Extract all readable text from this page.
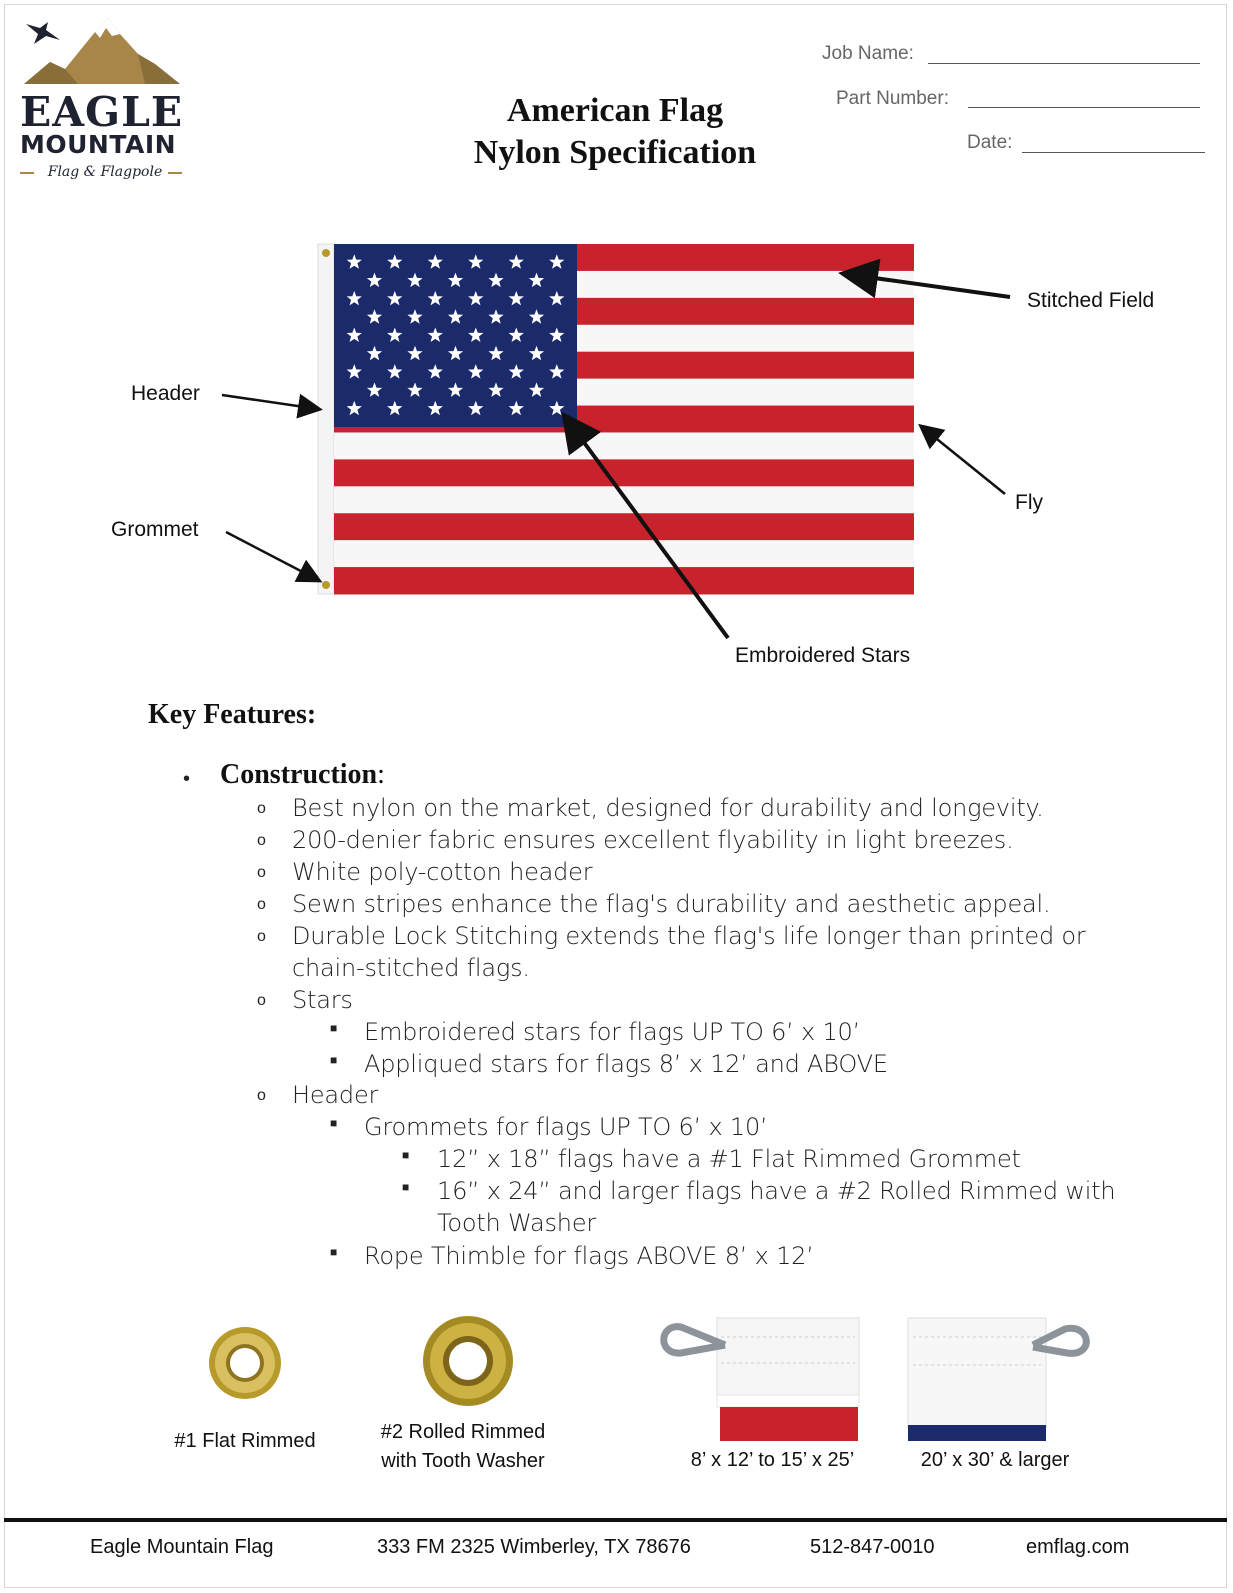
EAGLE
MOUNTAIN
Flag & Flagpole
Job Name:
Part Number:
Date:
American Flag
Nylon Specification
Stitched Field
Header
Grommet
Fly
Embroidered Stars
Key Features:
• Construction:
o Best nylon on the market, designed for durability and longevity.
o 200-denier fabric ensures excellent flyability in light breezes.
o White poly-cotton header
o Sewn stripes enhance the flag's durability and aesthetic appeal.
o Durable Lock Stitching extends the flag's life longer than printed or
chain-stitched flags.
o Stars
■ Embroidered stars for flags UP TO 6’ x 10’
■ Appliqued stars for flags 8’ x 12’ and ABOVE
o Header
■ Grommets for flags UP TO 6’ x 10’
■ 12” x 18” flags have a #1 Flat Rimmed Grommet
■ 16” x 24” and larger flags have a #2 Rolled Rimmed with
Tooth Washer
■ Rope Thimble for flags ABOVE 8’ x 12’
#1 Flat Rimmed	#2 Rolled Rimmed
with Tooth Washer	8’ x 12’ to 15’ x 25’	20’ x 30’ & larger
Eagle Mountain Flag	333 FM 2325 Wimberley, TX 78676	512-847-0010	emflag.com
